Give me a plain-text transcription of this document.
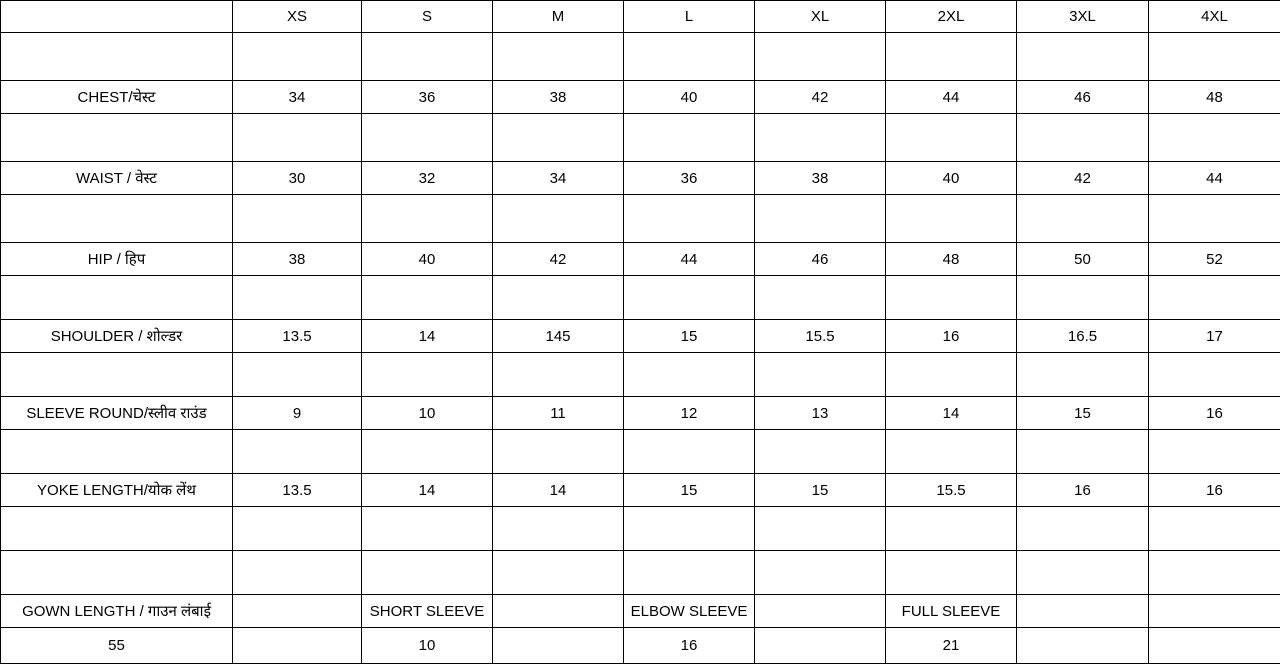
	XS	S	M	L	XL	2XL	3XL	4XL

CHEST/चेस्ट	34	36	38	40	42	44	46	48

WAIST / वेस्ट	30	32	34	36	38	40	42	44

HIP / हिप	38	40	42	44	46	48	50	52

SHOULDER / शोल्डर	13.5	14	145	15	15.5	16	16.5	17

SLEEVE ROUND/स्लीव राउंड	9	10	11	12	13	14	15	16

YOKE LENGTH/योक लेंथ	13.5	14	14	15	15	15.5	16	16

GOWN LENGTH / गाउन लंबाई		SHORT SLEEVE		ELBOW SLEEVE		FULL SLEEVE		
55		10		16		21		
